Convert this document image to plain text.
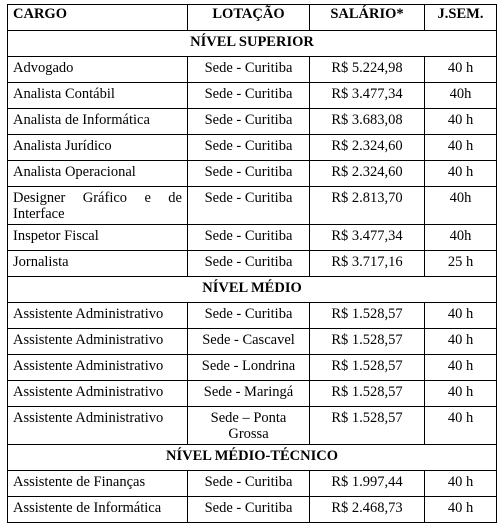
CARGO	LOTAÇÃO	SALÁRIO*	J.SEM.
NÍVEL SUPERIOR			
Advogado	Sede - Curitiba	R$ 5.224,98	40 h
Analista Contábil	Sede - Curitiba	R$ 3.477,34	40h
Analista de Informática	Sede - Curitiba	R$ 3.683,08	40 h
Analista Jurídico	Sede - Curitiba	R$ 2.324,60	40 h
Analista Operacional	Sede - Curitiba	R$ 2.324,60	40 h
Designer Gráfico e de Interface	Sede - Curitiba	R$ 2.813,70	40h
Inspetor Fiscal	Sede - Curitiba	R$ 3.477,34	40h
Jornalista	Sede - Curitiba	R$ 3.717,16	25 h
NÍVEL MÉDIO			
Assistente Administrativo	Sede - Curitiba	R$ 1.528,57	40 h
Assistente Administrativo	Sede - Cascavel	R$ 1.528,57	40 h
Assistente Administrativo	Sede - Londrina	R$ 1.528,57	40 h
Assistente Administrativo	Sede - Maringá	R$ 1.528,57	40 h
Assistente Administrativo	Sede – Ponta Grossa	R$ 1.528,57	40 h
NÍVEL MÉDIO-TÉCNICO			
Assistente de Finanças	Sede - Curitiba	R$ 1.997,44	40 h
Assistente de Informática	Sede - Curitiba	R$ 2.468,73	40 h
